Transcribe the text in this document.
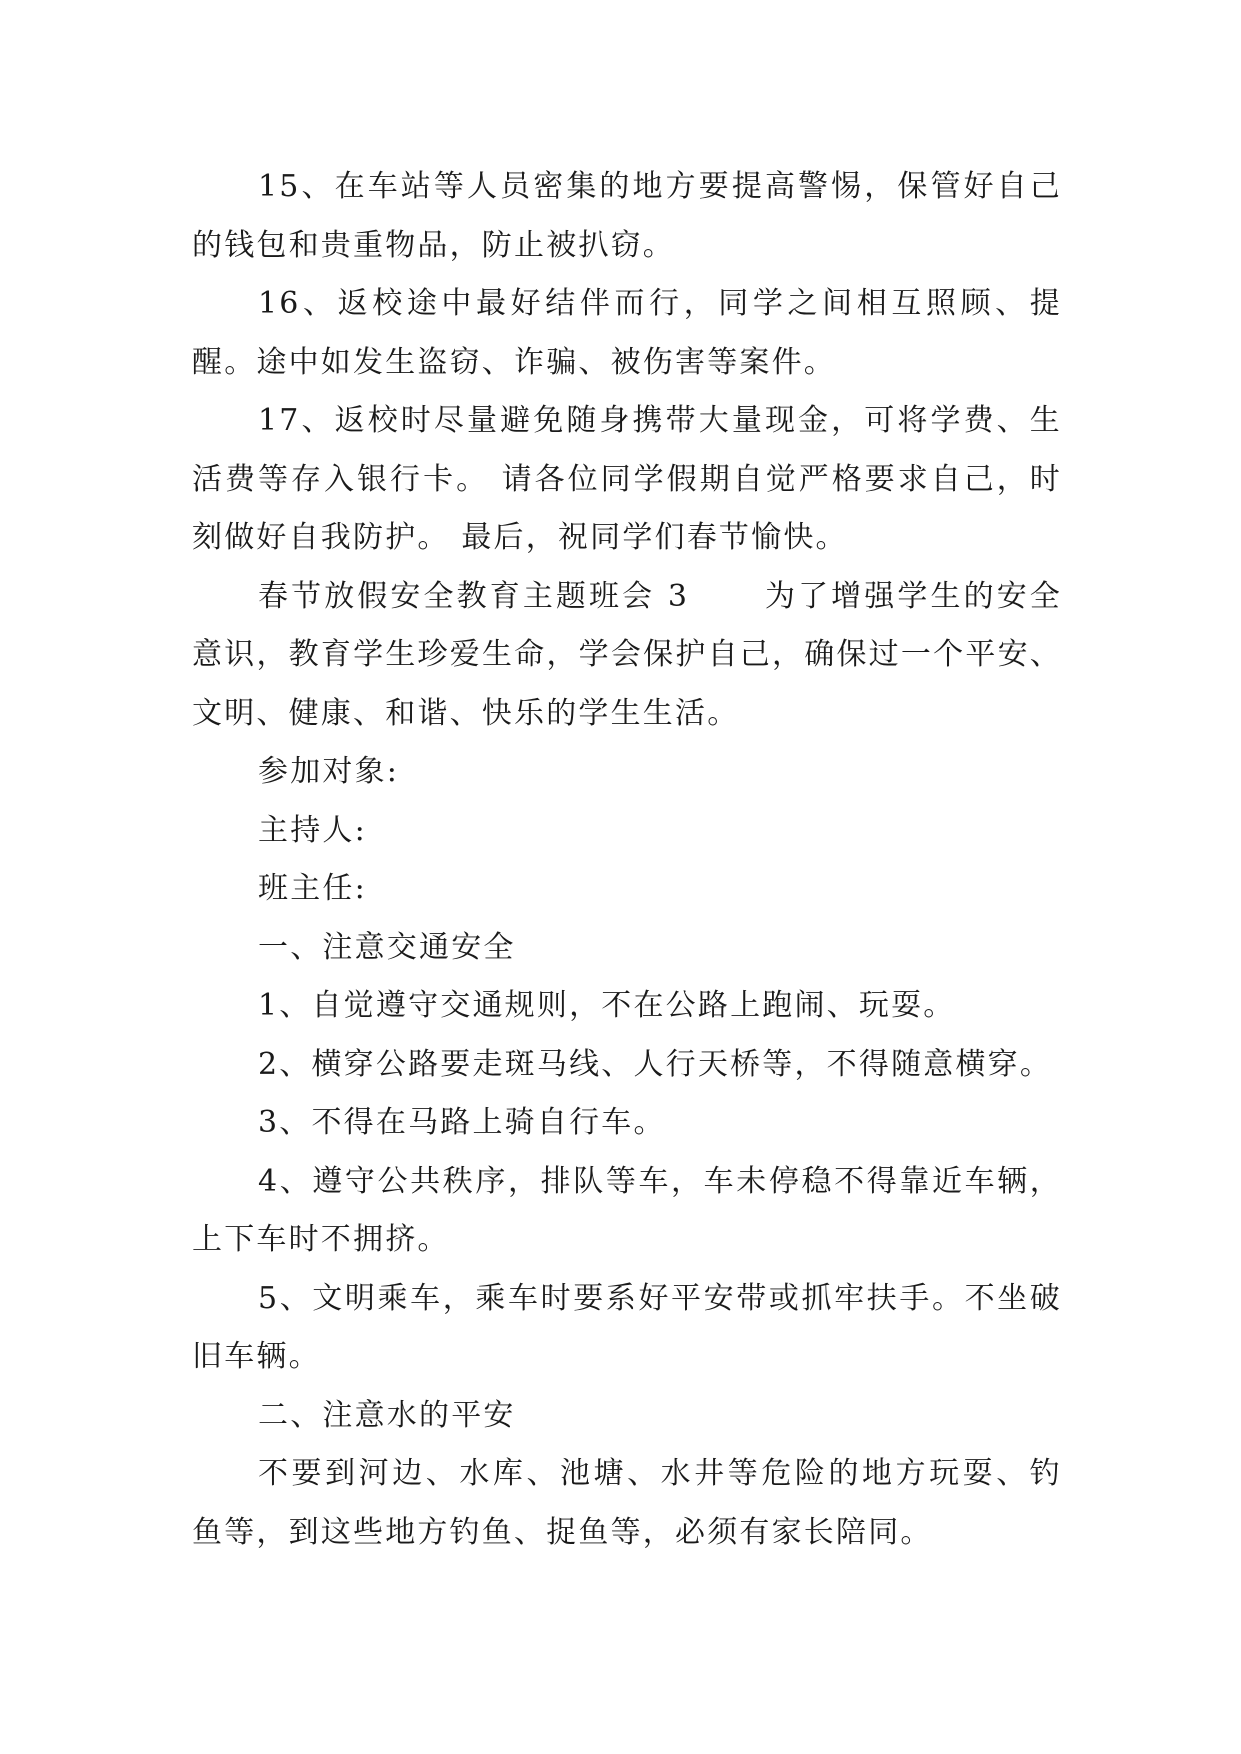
15、在车站等人员密集的地方要提高警惕，保管好自己的钱包和贵重物品，防止被扒窃。

16、返校途中最好结伴而行，同学之间相互照顾、提醒。途中如发生盗窃、诈骗、被伤害等案件。

17、返校时尽量避免随身携带大量现金，可将学费、生活费等存入银行卡。 请各位同学假期自觉严格要求自己，时刻做好自我防护。 最后，祝同学们春节愉快。

春节放假安全教育主题班会 3      为了增强学生的安全意识，教育学生珍爱生命，学会保护自己，确保过一个平安、文明、健康、和谐、快乐的学生生活。

参加对象:

主持人:

班主任:

一、注意交通安全

1、自觉遵守交通规则，不在公路上跑闹、玩耍。

2、横穿公路要走斑马线、人行天桥等，不得随意横穿。

3、不得在马路上骑自行车。

4、遵守公共秩序，排队等车，车未停稳不得靠近车辆，上下车时不拥挤。

5、文明乘车，乘车时要系好平安带或抓牢扶手。不坐破旧车辆。

二、注意水的平安

不要到河边、水库、池塘、水井等危险的地方玩耍、钓鱼等，到这些地方钓鱼、捉鱼等，必须有家长陪同。
